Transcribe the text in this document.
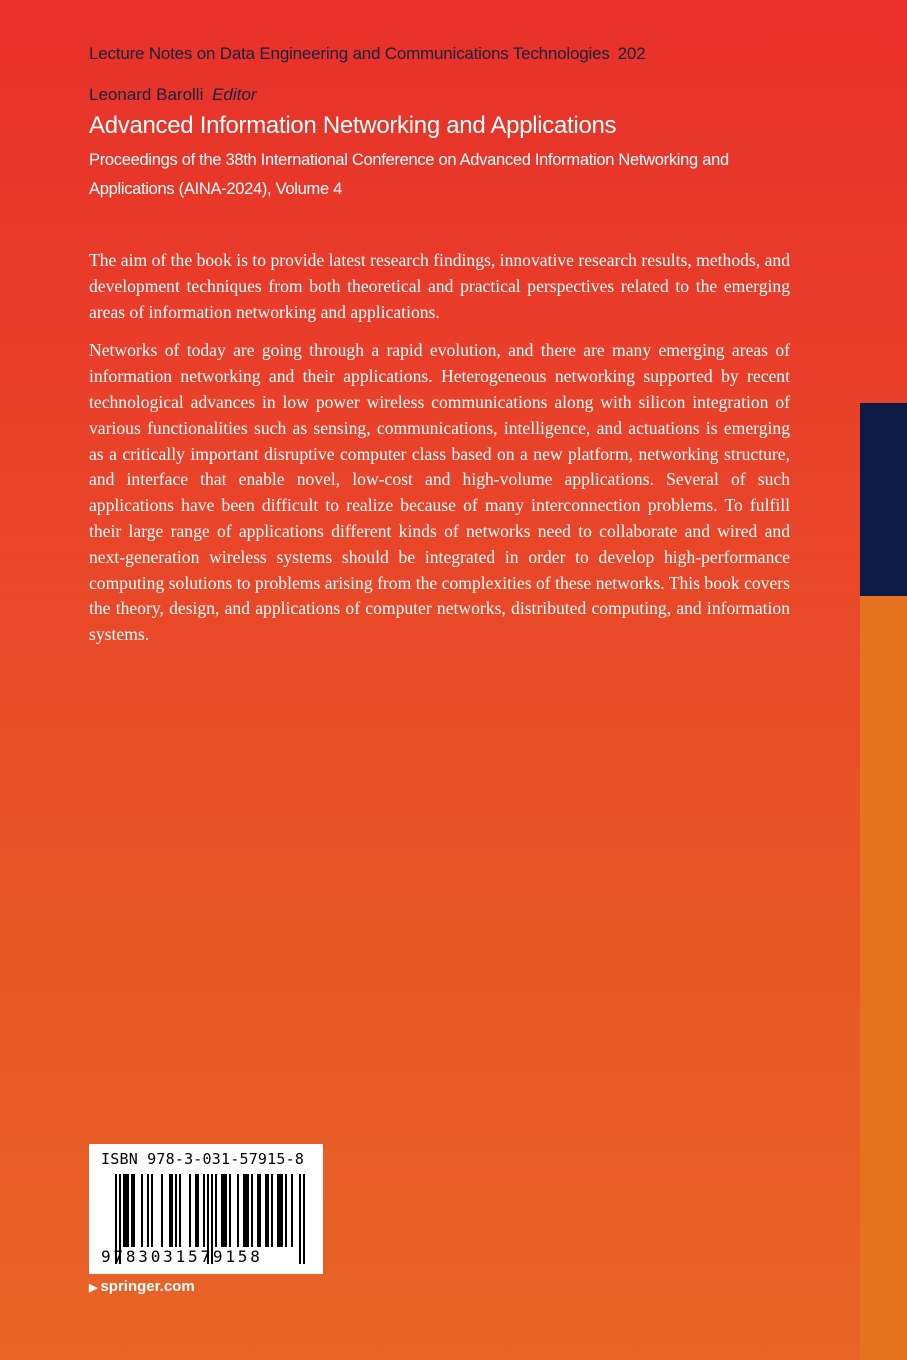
Lecture Notes on Data Engineering and Communications Technologies 202
Leonard Barolli Editor
Advanced Information Networking and Applications
Proceedings of the 38th International Conference on Advanced Information Networking and Applications (AINA-2024), Volume 4

The aim of the book is to provide latest research findings, innovative research results, methods, and development techniques from both theoretical and practical perspectives related to the emerging areas of information networking and applications.

Networks of today are going through a rapid evolution, and there are many emerging areas of information networking and their applications. Heterogeneous networking supported by recent technological advances in low power wireless communications along with silicon integration of various functionalities such as sensing, communications, intelligence, and actuations is emerging as a critically important disruptive computer class based on a new platform, networking structure, and interface that enable novel, low-cost and high-volume applications. Several of such applications have been difficult to realize because of many interconnection problems. To fulfill their large range of applications different kinds of networks need to collaborate and wired and next-generation wireless systems should be integrated in order to develop high-performance computing solutions to problems arising from the complexities of these networks. This book covers the theory, design, and applications of computer networks, distributed computing, and information systems.

ISBN 978-3-031-57915-8
9783031579158
▶ springer.com
